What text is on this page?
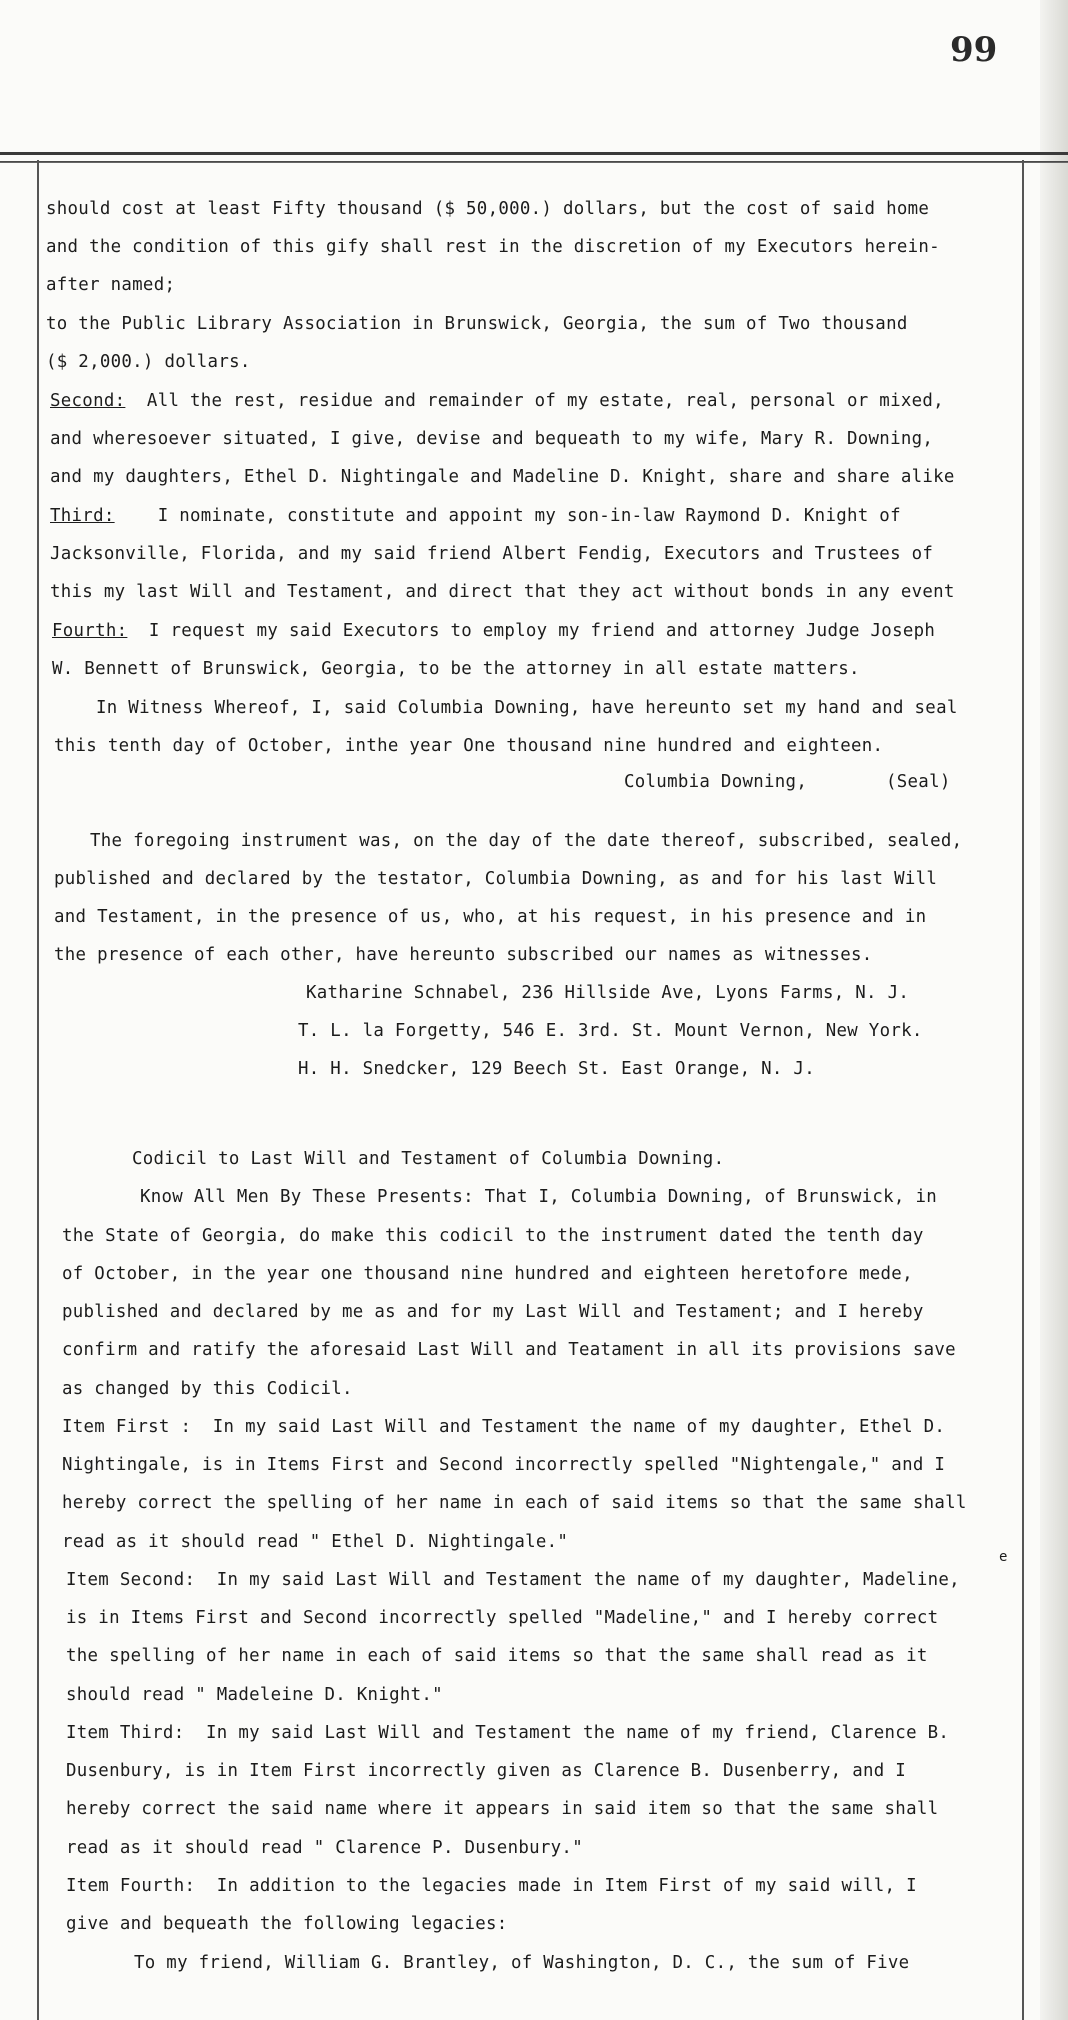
99
should cost at least Fifty thousand ($ 50,000.) dollars, but the cost of said home
and the condition of this gify shall rest in the discretion of my Executors herein-
after named;
to the Public Library Association in Brunswick, Georgia, the sum of Two thousand
($ 2,000.) dollars.
Second:  All the rest, residue and remainder of my estate, real, personal or mixed,
and wheresoever situated, I give, devise and bequeath to my wife, Mary R. Downing,
and my daughters, Ethel D. Nightingale and Madeline D. Knight, share and share alike
Third:    I nominate, constitute and appoint my son-in-law Raymond D. Knight of
Jacksonville, Florida, and my said friend Albert Fendig, Executors and Trustees of
this my last Will and Testament, and direct that they act without bonds in any event
Fourth:  I request my said Executors to employ my friend and attorney Judge Joseph
W. Bennett of Brunswick, Georgia, to be the attorney in all estate matters.
In Witness Whereof, I, said Columbia Downing, have hereunto set my hand and seal
this tenth day of October, inthe year One thousand nine hundred and eighteen.
Columbia Downing,	(Seal)
The foregoing instrument was, on the day of the date thereof, subscribed, sealed,
published and declared by the testator, Columbia Downing, as and for his last Will
and Testament, in the presence of us, who, at his request, in his presence and in
the presence of each other, have hereunto subscribed our names as witnesses.
Katharine Schnabel, 236 Hillside Ave, Lyons Farms, N. J.
T. L. la Forgetty, 546 E. 3rd. St. Mount Vernon, New York.
H. H. Snedcker, 129 Beech St. East Orange, N. J.
Codicil to Last Will and Testament of Columbia Downing.
Know All Men By These Presents: That I, Columbia Downing, of Brunswick, in
the State of Georgia, do make this codicil to the instrument dated the tenth day
of October, in the year one thousand nine hundred and eighteen heretofore mede,
published and declared by me as and for my Last Will and Testament; and I hereby
confirm and ratify the aforesaid Last Will and Teatament in all its provisions save
as changed by this Codicil.
Item First :  In my said Last Will and Testament the name of my daughter, Ethel D.
Nightingale, is in Items First and Second incorrectly spelled "Nightengale," and I
hereby correct the spelling of her name in each of said items so that the same shall
read as it should read " Ethel D. Nightingale."
e
Item Second:  In my said Last Will and Testament the name of my daughter, Madeline,
is in Items First and Second incorrectly spelled "Madeline," and I hereby correct
the spelling of her name in each of said items so that the same shall read as it
should read " Madeleine D. Knight."
Item Third:  In my said Last Will and Testament the name of my friend, Clarence B.
Dusenbury, is in Item First incorrectly given as Clarence B. Dusenberry, and I
hereby correct the said name where it appears in said item so that the same shall
read as it should read " Clarence P. Dusenbury."
Item Fourth:  In addition to the legacies made in Item First of my said will, I
give and bequeath the following legacies:
To my friend, William G. Brantley, of Washington, D. C., the sum of Five
